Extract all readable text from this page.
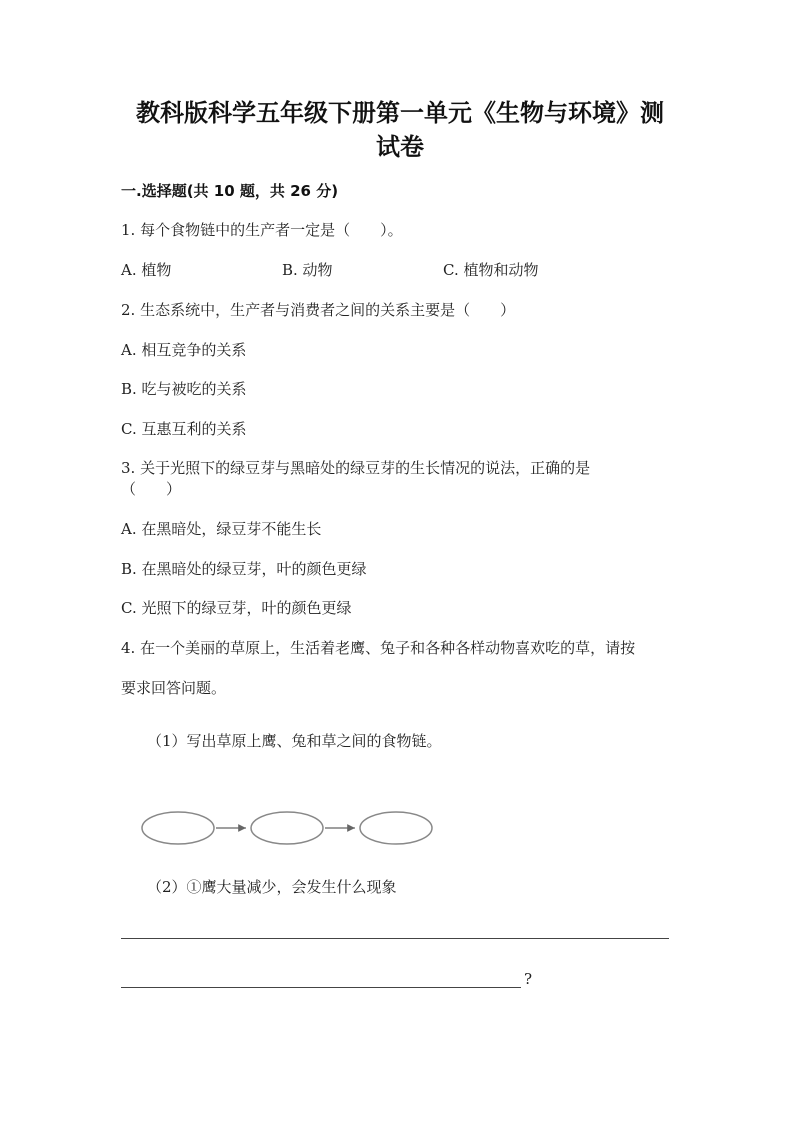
教科版科学五年级下册第一单元《生物与环境》测
试卷
一.选择题(共 10 题，共 26 分)
1. 每个食物链中的生产者一定是（　　）。
A. 植物	B. 动物	C. 植物和动物
2. 生态系统中，生产者与消费者之间的关系主要是（　　）
A. 相互竞争的关系
B. 吃与被吃的关系
C. 互惠互利的关系
3. 关于光照下的绿豆芽与黑暗处的绿豆芽的生长情况的说法，正确的是
（　　）
A. 在黑暗处，绿豆芽不能生长
B. 在黑暗处的绿豆芽，叶的颜色更绿
C. 光照下的绿豆芽，叶的颜色更绿
4. 在一个美丽的草原上，生活着老鹰、兔子和各种各样动物喜欢吃的草，请按
要求回答问题。
（1）写出草原上鹰、兔和草之间的食物链。
（2）①鹰大量减少，会发生什么现象
?
